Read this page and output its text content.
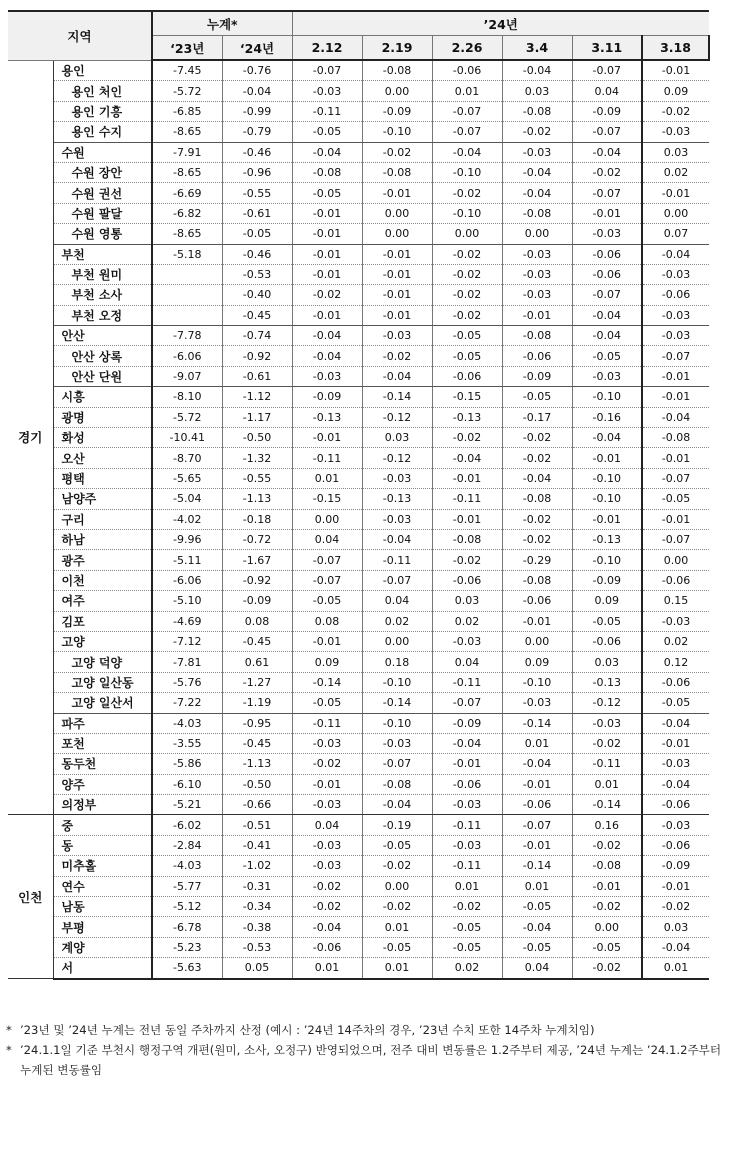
지역		누계*		’24년					
		‘23년	‘24년	2.12	2.19	2.26	3.4	3.11	3.18
경기	용인	-7.45	-0.76	-0.07	-0.08	-0.06	-0.04	-0.07	-0.01
	용인 처인	-5.72	-0.04	-0.03	0.00	0.01	0.03	0.04	0.09
	용인 기흥	-6.85	-0.99	-0.11	-0.09	-0.07	-0.08	-0.09	-0.02
	용인 수지	-8.65	-0.79	-0.05	-0.10	-0.07	-0.02	-0.07	-0.03
	수원	-7.91	-0.46	-0.04	-0.02	-0.04	-0.03	-0.04	0.03
	수원 장안	-8.65	-0.96	-0.08	-0.08	-0.10	-0.04	-0.02	0.02
	수원 권선	-6.69	-0.55	-0.05	-0.01	-0.02	-0.04	-0.07	-0.01
	수원 팔달	-6.82	-0.61	-0.01	0.00	-0.10	-0.08	-0.01	0.00
	수원 영통	-8.65	-0.05	-0.01	0.00	0.00	0.00	-0.03	0.07
	부천	-5.18	-0.46	-0.01	-0.01	-0.02	-0.03	-0.06	-0.04
	부천 원미		-0.53	-0.01	-0.01	-0.02	-0.03	-0.06	-0.03
	부천 소사		-0.40	-0.02	-0.01	-0.02	-0.03	-0.07	-0.06
	부천 오정		-0.45	-0.01	-0.01	-0.02	-0.01	-0.04	-0.03
	안산	-7.78	-0.74	-0.04	-0.03	-0.05	-0.08	-0.04	-0.03
	안산 상록	-6.06	-0.92	-0.04	-0.02	-0.05	-0.06	-0.05	-0.07
	안산 단원	-9.07	-0.61	-0.03	-0.04	-0.06	-0.09	-0.03	-0.01
	시흥	-8.10	-1.12	-0.09	-0.14	-0.15	-0.05	-0.10	-0.01
	광명	-5.72	-1.17	-0.13	-0.12	-0.13	-0.17	-0.16	-0.04
	화성	-10.41	-0.50	-0.01	0.03	-0.02	-0.02	-0.04	-0.08
	오산	-8.70	-1.32	-0.11	-0.12	-0.04	-0.02	-0.01	-0.01
	평택	-5.65	-0.55	0.01	-0.03	-0.01	-0.04	-0.10	-0.07
	남양주	-5.04	-1.13	-0.15	-0.13	-0.11	-0.08	-0.10	-0.05
	구리	-4.02	-0.18	0.00	-0.03	-0.01	-0.02	-0.01	-0.01
	하남	-9.96	-0.72	0.04	-0.04	-0.08	-0.02	-0.13	-0.07
	광주	-5.11	-1.67	-0.07	-0.11	-0.02	-0.29	-0.10	0.00
	이천	-6.06	-0.92	-0.07	-0.07	-0.06	-0.08	-0.09	-0.06
	여주	-5.10	-0.09	-0.05	0.04	0.03	-0.06	0.09	0.15
	김포	-4.69	0.08	0.08	0.02	0.02	-0.01	-0.05	-0.03
	고양	-7.12	-0.45	-0.01	0.00	-0.03	0.00	-0.06	0.02
	고양 덕양	-7.81	0.61	0.09	0.18	0.04	0.09	0.03	0.12
	고양 일산동	-5.76	-1.27	-0.14	-0.10	-0.11	-0.10	-0.13	-0.06
	고양 일산서	-7.22	-1.19	-0.05	-0.14	-0.07	-0.03	-0.12	-0.05
	파주	-4.03	-0.95	-0.11	-0.10	-0.09	-0.14	-0.03	-0.04
	포천	-3.55	-0.45	-0.03	-0.03	-0.04	0.01	-0.02	-0.01
	동두천	-5.86	-1.13	-0.02	-0.07	-0.01	-0.04	-0.11	-0.03
	양주	-6.10	-0.50	-0.01	-0.08	-0.06	-0.01	0.01	-0.04
	의정부	-5.21	-0.66	-0.03	-0.04	-0.03	-0.06	-0.14	-0.06
인천	중	-6.02	-0.51	0.04	-0.19	-0.11	-0.07	0.16	-0.03
	동	-2.84	-0.41	-0.03	-0.05	-0.03	-0.01	-0.02	-0.06
	미추홀	-4.03	-1.02	-0.03	-0.02	-0.11	-0.14	-0.08	-0.09
	연수	-5.77	-0.31	-0.02	0.00	0.01	0.01	-0.01	-0.01
	남동	-5.12	-0.34	-0.02	-0.02	-0.02	-0.05	-0.02	-0.02
	부평	-6.78	-0.38	-0.04	0.01	-0.05	-0.04	0.00	0.03
	계양	-5.23	-0.53	-0.06	-0.05	-0.05	-0.05	-0.05	-0.04
	서	-5.63	0.05	0.01	0.01	0.02	0.04	-0.02	0.01
* ’23년 및 ’24년 누계는 전년 동일 주차까지 산정 (예시 : ’24년 14주차의 경우, ’23년 수치 또한 14주차 누계치임)
* ’24.1.1일 기준 부천시 행정구역 개편(원미, 소사, 오정구) 반영되었으며, 전주 대비 변동률은 1.2주부터 제공, ’24년 누계는 ’24.1.2주부터 누계된 변동률임
